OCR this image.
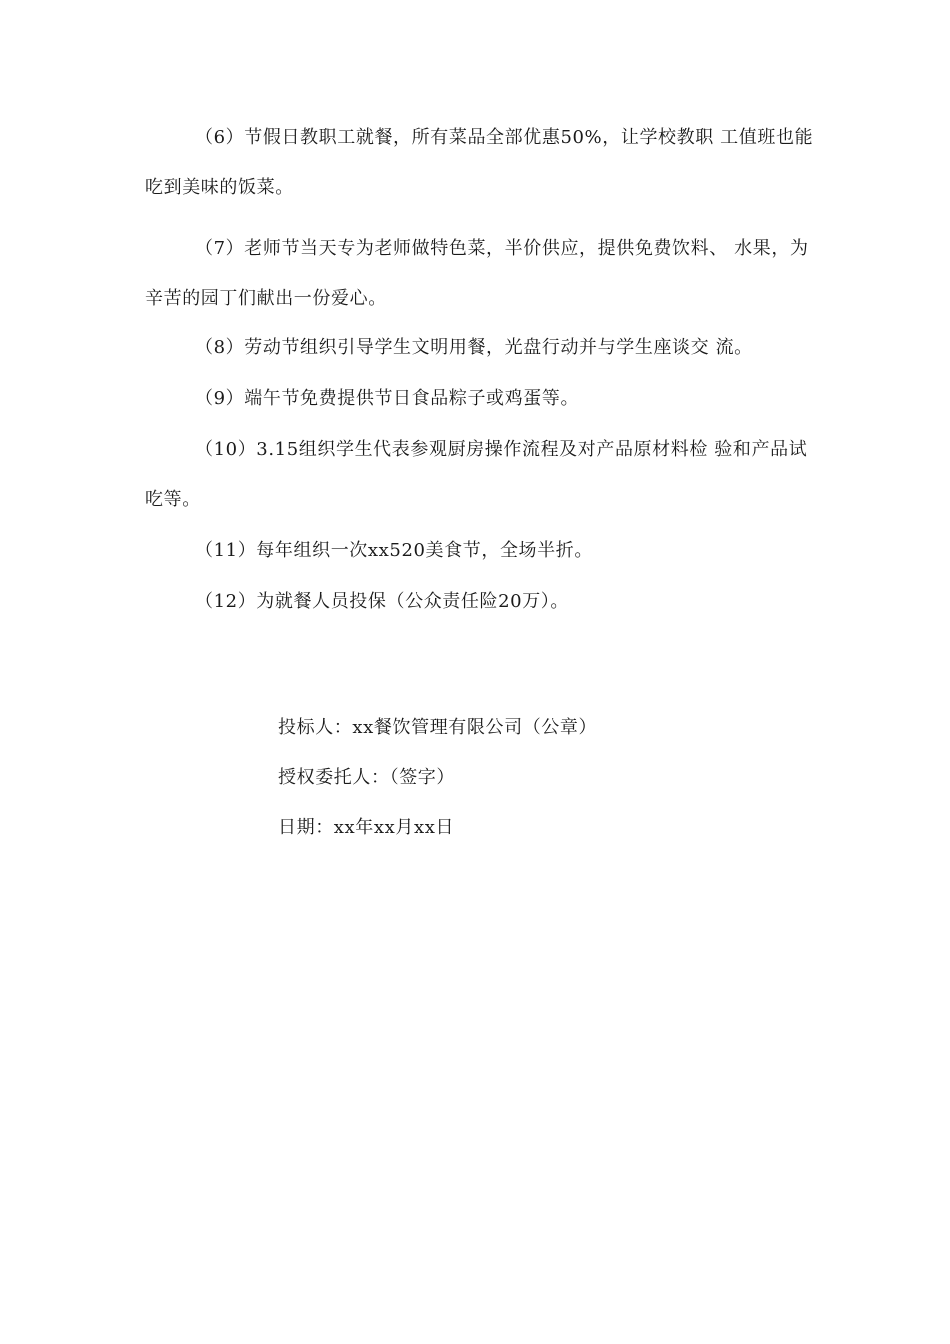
（6）节假日教职工就餐，所有菜品全部优惠50%，让学校教职 工值班也能吃到美味的饭菜。

（7）老师节当天专为老师做特色菜，半价供应，提供免费饮料、 水果，为辛苦的园丁们献出一份爱心。

（8）劳动节组织引导学生文明用餐，光盘行动并与学生座谈交 流。

（9）端午节免费提供节日食品粽子或鸡蛋等。

（10）3.15组织学生代表参观厨房操作流程及对产品原材料检 验和产品试吃等。

（11）每年组织一次xx520美食节，全场半折。

（12）为就餐人员投保（公众责任险20万）。

投标人：xx餐饮管理有限公司（公章）

授权委托人：（签字）

日期：xx年xx月xx日
